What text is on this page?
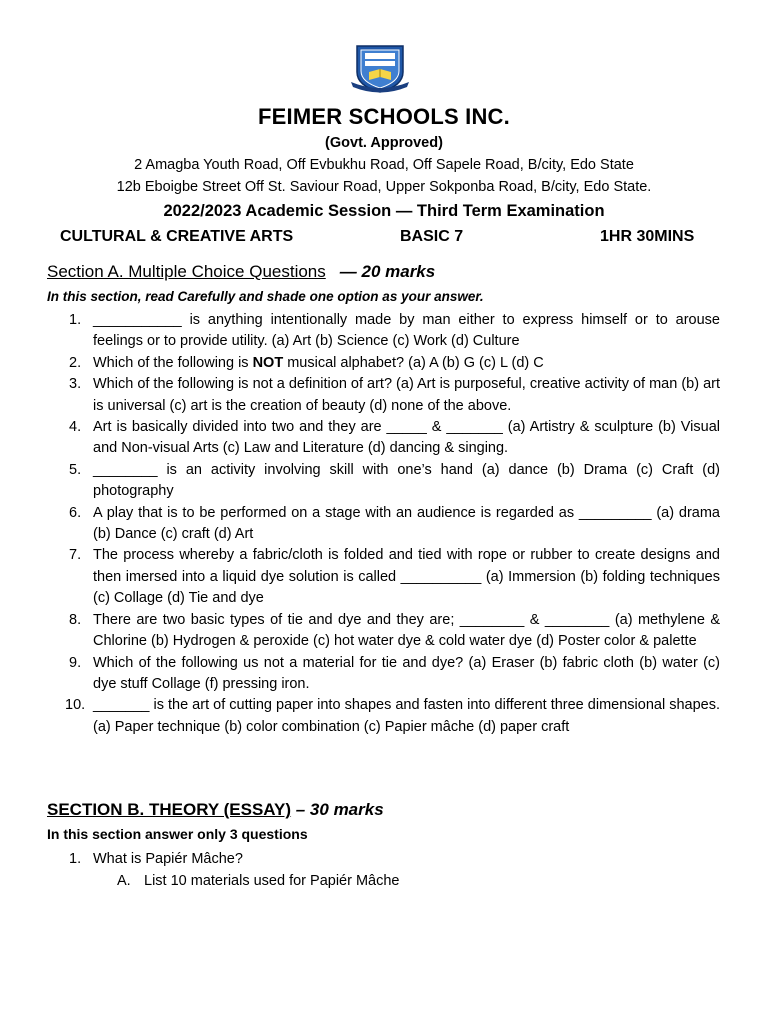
FEIMER SCHOOLS INC.
(Govt. Approved)
2 Amagba Youth Road, Off Evbukhu Road, Off Sapele Road, B/city, Edo State
12b Eboigbe Street Off St. Saviour Road, Upper Sokponba Road, B/city, Edo State.
2022/2023 Academic Session — Third Term Examination
CULTURAL & CREATIVE ARTS	BASIC 7	1HR 30MINS
Section A. Multiple Choice Questions — 20 marks
In this section, read Carefully and shade one option as your answer.
1. ___________ is anything intentionally made by man either to express himself or to arouse feelings or to provide utility. (a) Art (b) Science (c) Work (d) Culture
2. Which of the following is NOT musical alphabet? (a) A (b) G (c) L (d) C
3. Which of the following is not a definition of art? (a) Art is purposeful, creative activity of man (b) art is universal (c) art is the creation of beauty (d) none of the above.
4. Art is basically divided into two and they are _____ & _______ (a) Artistry & sculpture (b) Visual and Non-visual Arts (c) Law and Literature (d) dancing & singing.
5. ________ is an activity involving skill with one’s hand (a) dance (b) Drama (c) Craft (d) photography
6. A play that is to be performed on a stage with an audience is regarded as _________ (a) drama (b) Dance (c) craft (d) Art
7. The process whereby a fabric/cloth is folded and tied with rope or rubber to create designs and then imersed into a liquid dye solution is called __________ (a) Immersion (b) folding techniques (c) Collage (d) Tie and dye
8. There are two basic types of tie and dye and they are; ________ & ________ (a) methylene & Chlorine (b) Hydrogen & peroxide (c) hot water dye & cold water dye (d) Poster color & palette
9. Which of the following us not a material for tie and dye? (a) Eraser (b) fabric cloth (b) water (c) dye stuff Collage (f) pressing iron.
10. _______ is the art of cutting paper into shapes and fasten into different three dimensional shapes. (a) Paper technique (b) color combination (c) Papier mâche (d) paper craft
SECTION B. THEORY (ESSAY) – 30 marks
In this section answer only 3 questions
1. What is Papiér Mâche?
A. List 10 materials used for Papiér Mâche
